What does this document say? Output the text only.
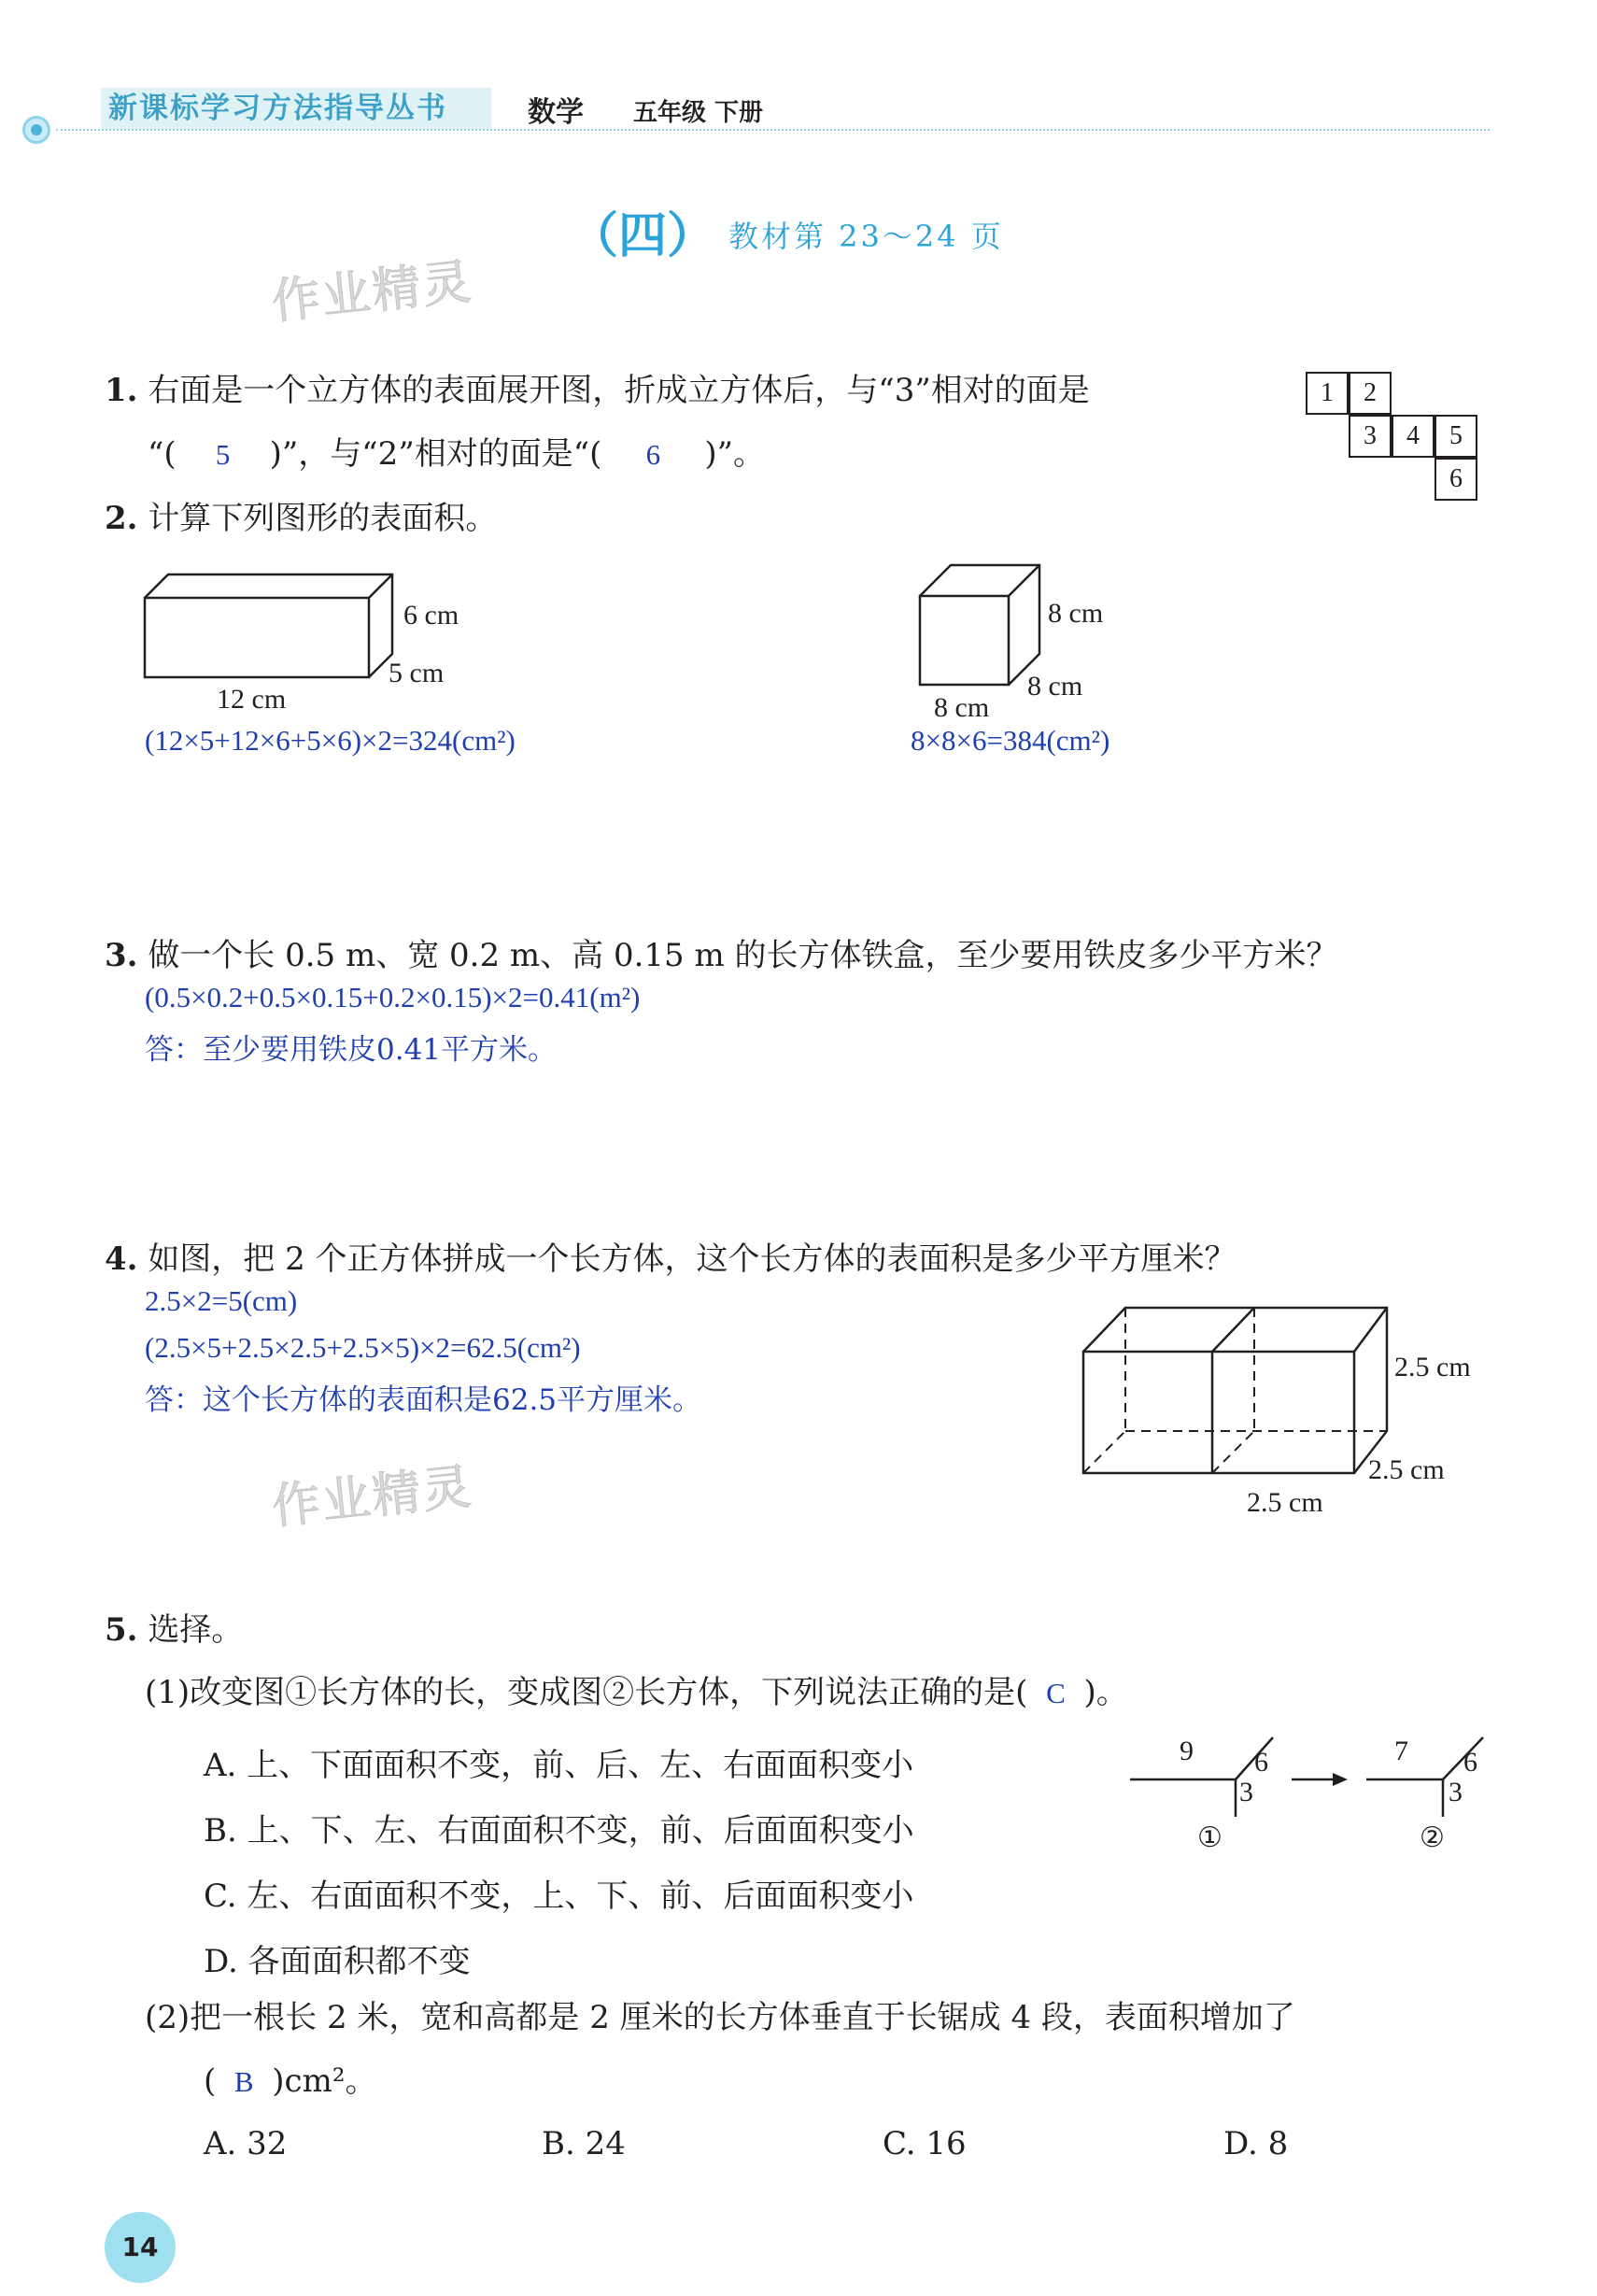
新课标学习方法指导丛书	数学 五年级 下册
（四） 教材第 23～24 页
作业精灵
作业精灵
1. 右面是一个立方体的表面展开图，折成立方体后，与“3”相对的面是
“( 5 )”，与“2”相对的面是“( 6 )”。
1	2
3	4	5
6
2. 计算下列图形的表面积。
6 cm
5 cm
12 cm
(12×5+12×6+5×6)×2=324(cm²)
8 cm
8 cm
8 cm
8×8×6=384(cm²)
3. 做一个长 0.5 m、宽 0.2 m、高 0.15 m 的长方体铁盒，至少要用铁皮多少平方米？
(0.5×0.2+0.5×0.15+0.2×0.15)×2=0.41(m²)
答：至少要用铁皮0.41平方米。
4. 如图，把 2 个正方体拼成一个长方体，这个长方体的表面积是多少平方厘米？
2.5×2=5(cm)
(2.5×5+2.5×2.5+2.5×5)×2=62.5(cm²)
答：这个长方体的表面积是62.5平方厘米。
2.5 cm
2.5 cm
2.5 cm
5. 选择。
(1)改变图①长方体的长，变成图②长方体，下列说法正确的是( C )。
A. 上、下面面积不变，前、后、左、右面面积变小
B. 上、下、左、右面面积不变，前、后面面积变小
C. 左、右面面积不变，上、下、前、后面面积变小
D. 各面面积都不变
9 6
3
①
7 6
3
②
(2)把一根长 2 米，宽和高都是 2 厘米的长方体垂直于长锯成 4 段，表面积增加了
( B )cm²。
A. 32	B. 24	C. 16	D. 8
14
